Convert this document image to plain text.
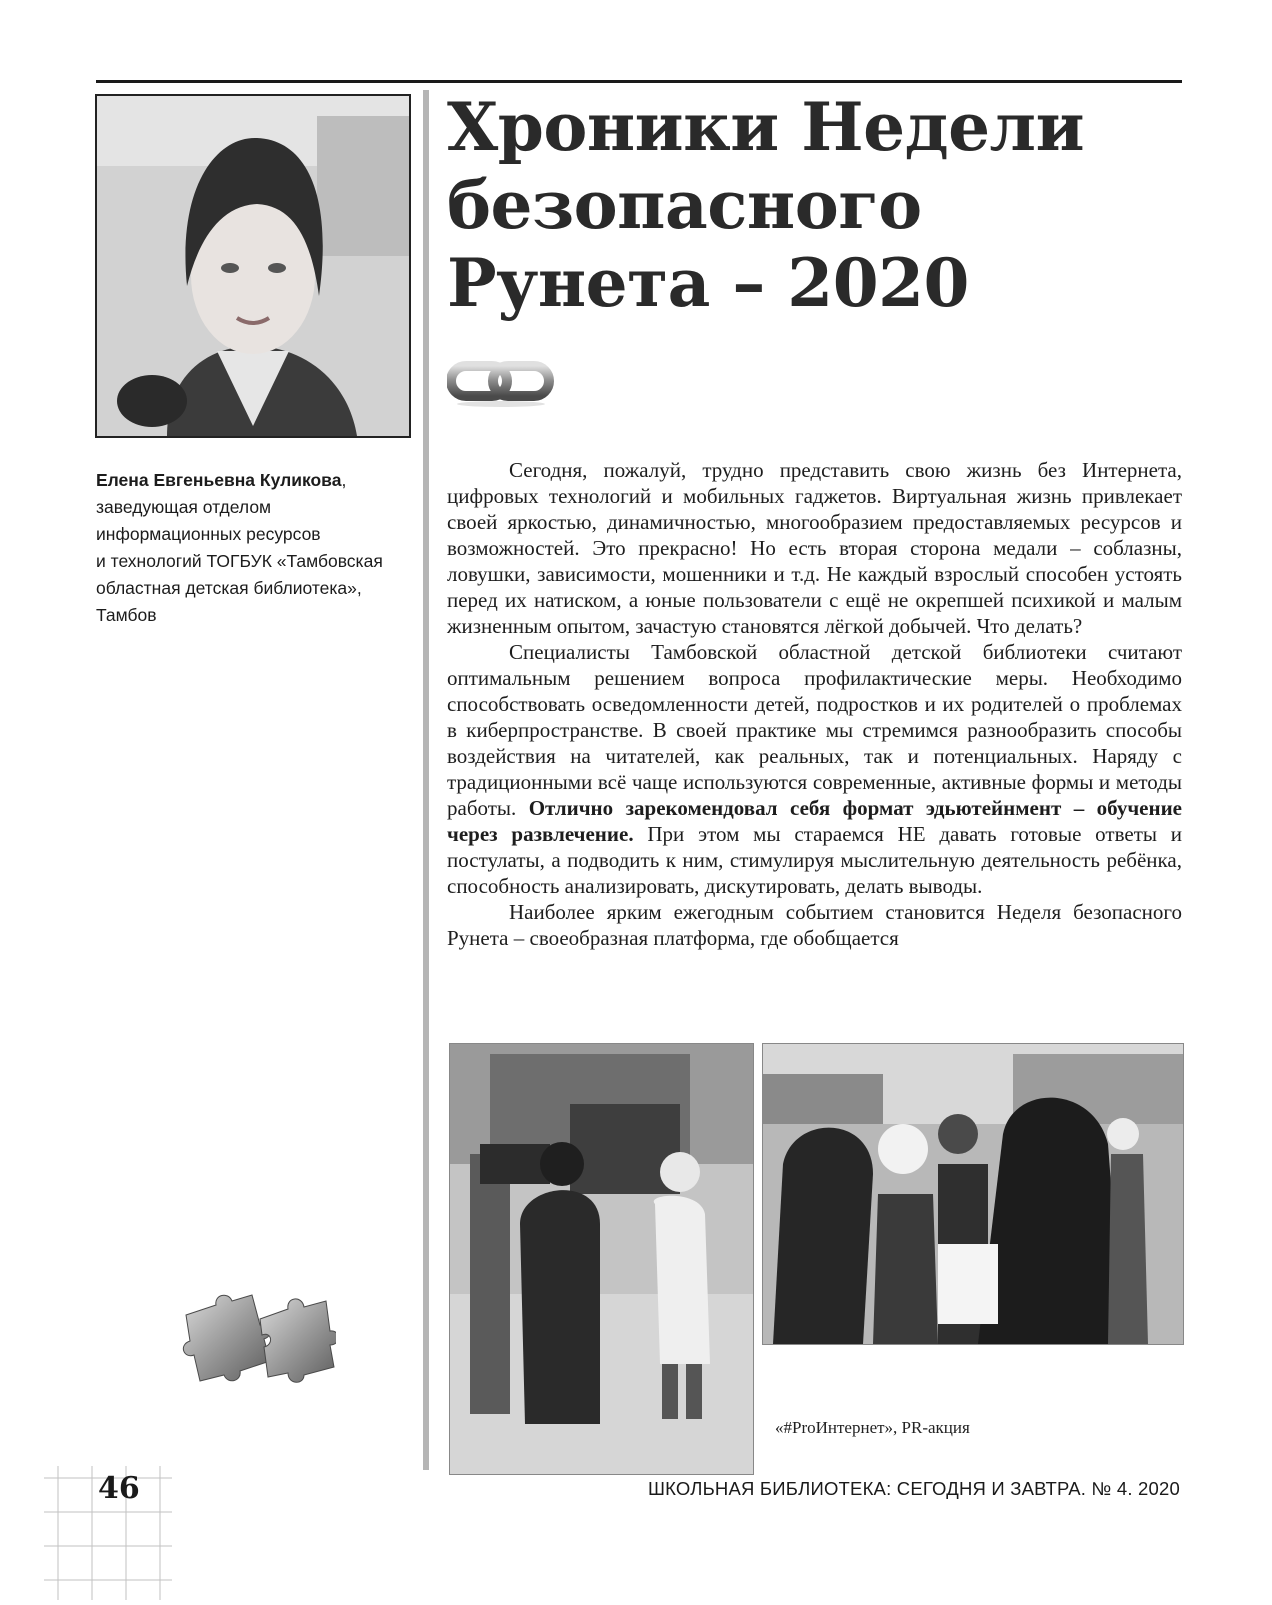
Елена Евгеньевна Куликова,
заведующая отделом
информационных ресурсов
и технологий ТОГБУК «Тамбовская
областная детская библиотека»,
Тамбов
Хроники Недели
безопасного
Рунета – 2020

Сегодня, пожалуй, трудно представить свою жизнь без Интернета, цифровых технологий и мобильных гаджетов. Виртуальная жизнь привлекает своей яркостью, динамичностью, многообразием предоставляемых ресурсов и возможностей. Это прекрасно! Но есть вторая сторона медали – соблазны, ловушки, зависимости, мошенники и т.д. Не каждый взрослый способен устоять перед их натиском, а юные пользователи с ещё не окрепшей психикой и малым жизненным опытом, зачастую становятся лёгкой добычей. Что делать?

Специалисты Тамбовской областной детской библиотеки считают оптимальным решением вопроса профилактические меры. Необходимо способствовать осведомленности детей, подростков и их родителей о проблемах в киберпространстве. В своей практике мы стремимся разнообразить способы воздействия на читателей, как реальных, так и потенциальных. Наряду с традиционными всё чаще используются современные, активные формы и методы работы. Отлично зарекомендовал себя формат эдьютейнмент – обучение через развлечение. При этом мы стараемся НЕ давать готовые ответы и постулаты, а подводить к ним, стимулируя мыслительную деятельность ребёнка, способность анализировать, дискутировать, делать выводы.

Наиболее ярким ежегодным событием становится Неделя безопасного Рунета – своеобразная платформа, где обобщается

«#ProИнтернет», PR-акция
46	ШКОЛЬНАЯ БИБЛИОТЕКА: СЕГОДНЯ И ЗАВТРА. № 4. 2020
